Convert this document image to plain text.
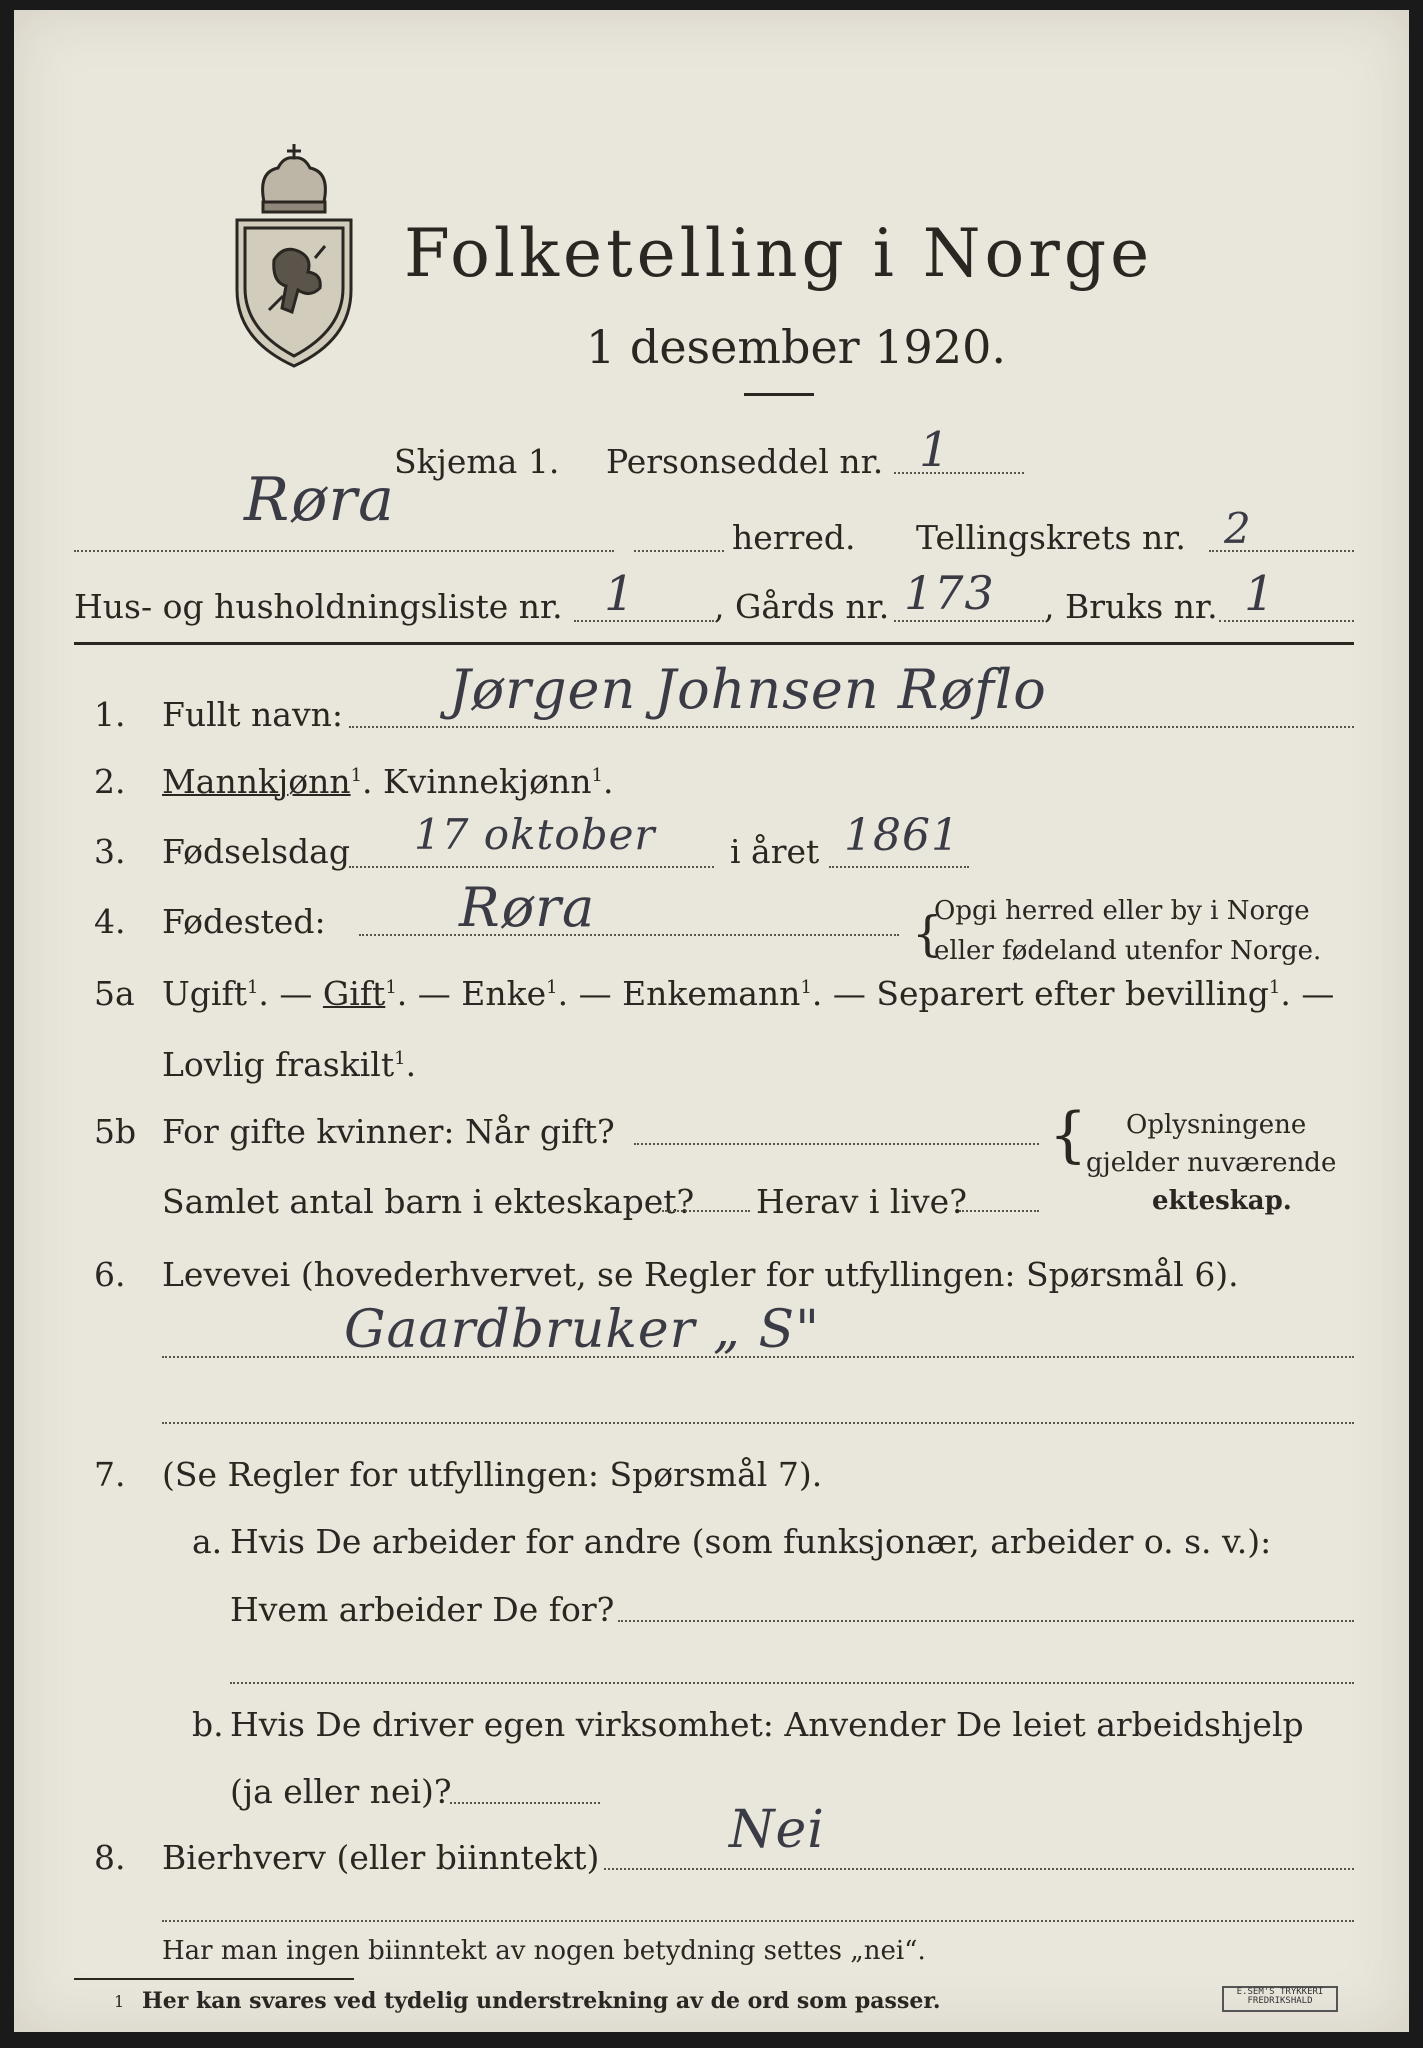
Folketelling i Norge
1 desember 1920.
Skjema 1. Personseddel nr. 1
Røra
herred. Tellingskrets nr. 2
Hus- og husholdningsliste nr. 1 , Gårds nr. 173 , Bruks nr. 1
1. Fullt navn: Jørgen Johnsen Røflo
2. Mannkjønn$^1$. Kvinnekjønn$^1$.
3. Fødselsdag 17 oktober i året 1861
4. Fødested: Røra	{
Opgi herred eller by i Norge
eller fødeland utenfor Norge.
5a Ugift$^1$. — Gift$^1$. — Enke$^1$. — Enkemann$^1$. — Separert efter bevilling$^1$. —
Lovlig fraskilt$^1$.
5b For gifte kvinner: Når gift?
Samlet antal barn i ekteskapet? Herav i live?
{ Oplysningene
gjelder nuværende
ekteskap.
6. Levevei (hovederhvervet, se Regler for utfyllingen: Spørsmål 6).
Gaardbruker „ S"
7. (Se Regler for utfyllingen: Spørsmål 7).
a. Hvis De arbeider for andre (som funksjonær, arbeider o. s. v.):
Hvem arbeider De for?
b. Hvis De driver egen virksomhet: Anvender De leiet arbeidshjelp
(ja eller nei)?
8. Bierhverv (eller biinntekt) Nei
Har man ingen biinntekt av nogen betydning settes „nei“.
1 Her kan svares ved tydelig understrekning av de ord som passer.	E.SEM'S TRYKKERI
FREDRIKSHALD
